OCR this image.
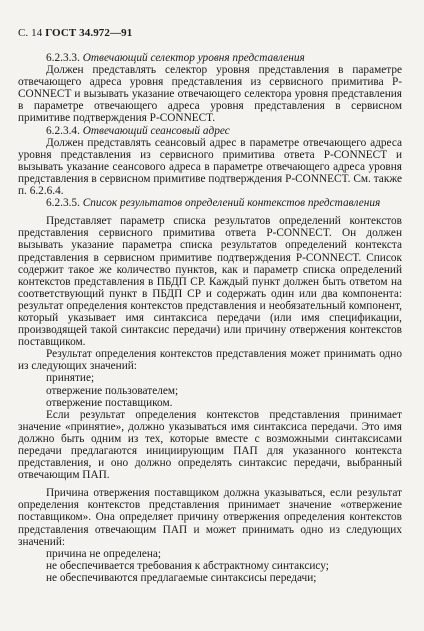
С. 14 ГОСТ 34.972—91

6.2.3.3. Отвечающий селектор уровня представления

Должен представлять селектор уровня представления в параметре отвечающего адреса уровня представления из сервисного примитива P-CONNECT и вызывать указание отвечающего селектора уровня представления в параметре отвечающего адреса уровня представления в сервисном примитиве подтверждения P-CONNECT.

6.2.3.4. Отвечающий сеансовый адрес

Должен представлять сеансовый адрес в параметре отвечающего адреса уровня представления из сервисного примитива ответа P-CONNECT и вызывать указание сеансового адреса в параметре отвечающего адреса уровня представления в сервисном примитиве подтверждения P-CONNECT. См. также п. 6.2.6.4.

6.2.3.5. Список результатов определений контекстов представления

Представляет параметр списка результатов определений контекстов представления сервисного примитива ответа P-CONNECT. Он должен вызывать указание параметра списка результатов определений контекста представления в сервисном примитиве подтверждения P-CONNECT. Список содержит такое же количество пунктов, как и параметр списка определений контекстов представления в ПБДП СР. Каждый пункт должен быть ответом на соответствующий пункт в ПБДП СР и содержать один или два компонента: результат определения контекстов представления и необязательный компонент, который указывает имя синтаксиса передачи (или имя спецификации, производящей такой синтаксис передачи) или причину отвержения контекстов поставщиком.

Результат определения контекстов представления может принимать одно из следующих значений:

принятие;

отвержение пользователем;

отвержение поставщиком.

Если результат определения контекстов представления принимает значение «принятие», должно указываться имя синтаксиса передачи. Это имя должно быть одним из тех, которые вместе с возможными синтаксисами передачи предлагаются инициирующим ПАП для указанного контекста представления, и оно должно определять синтаксис передачи, выбранный отвечающим ПАП.

Причина отвержения поставщиком должна указываться, если результат определения контекстов представления принимает значение «отвержение поставщиком». Она определяет причину отвержения определения контекстов представления отвечающим ПАП и может принимать одно из следующих значений:

причина не определена;

не обеспечивается требования к абстрактному синтаксису;

не обеспечиваются предлагаемые синтаксисы передачи;
